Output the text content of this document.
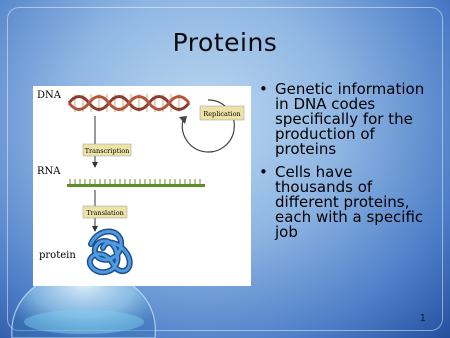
Proteins
DNA
Replication
Transcription
RNA
Translation
protein
• Genetic information in DNA codes specifically for the production of proteins
• Cells have thousands of different proteins, each with a specific job
1
